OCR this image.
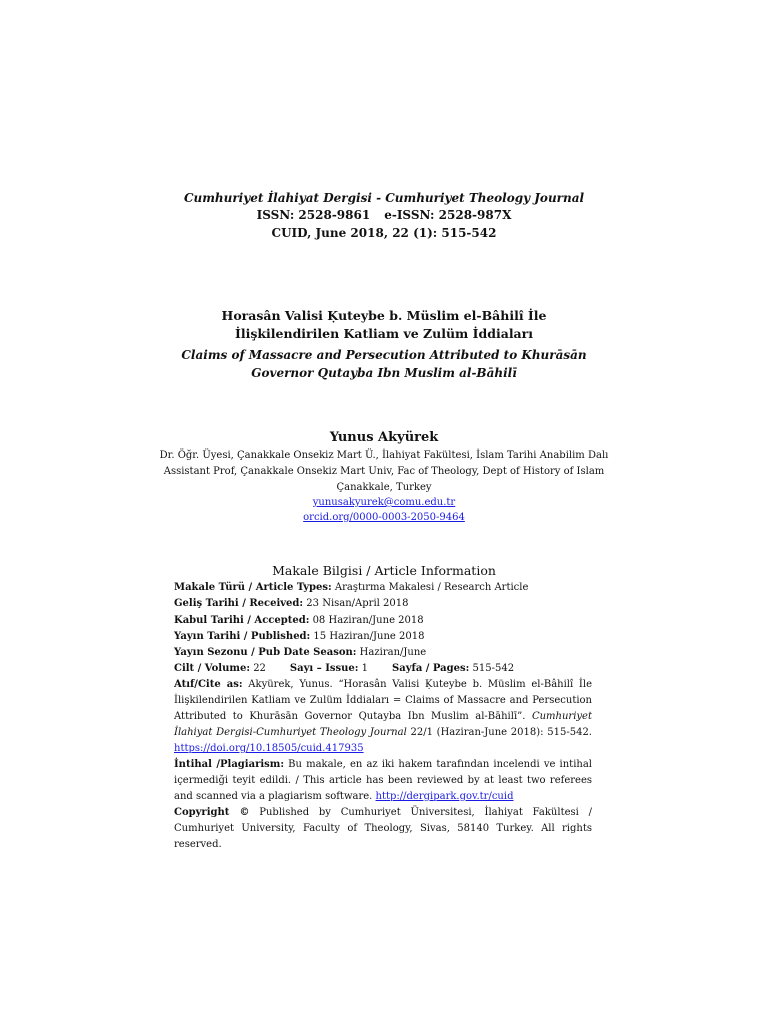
Cumhuriyet İlahiyat Dergisi - Cumhuriyet Theology Journal
ISSN: 2528-9861 e-ISSN: 2528-987X
CUID, June 2018, 22 (1): 515-542
Horasân Valisi Ḳuteybe b. Müslim el-Bâhilî İle İlişkilendirilen Katliam ve Zulüm İddiaları
Claims of Massacre and Persecution Attributed to Khurāsān Governor Qutayba Ibn Muslim al-Bāhilī
Yunus Akyürek
Dr. Öğr. Üyesi, Çanakkale Onsekiz Mart Ü., İlahiyat Fakültesi, İslam Tarihi Anabilim Dalı
Assistant Prof, Çanakkale Onsekiz Mart Univ, Fac of Theology, Dept of History of Islam
Çanakkale, Turkey
yunusakyurek@comu.edu.tr
orcid.org/0000-0003-2050-9464
Makale Bilgisi / Article Information
Makale Türü / Article Types: Araştırma Makalesi / Research Article
Geliş Tarihi / Received: 23 Nisan/April 2018
Kabul Tarihi / Accepted: 08 Haziran/June 2018
Yayın Tarihi / Published: 15 Haziran/June 2018
Yayın Sezonu / Pub Date Season: Haziran/June
Cilt / Volume: 22 Sayı – Issue: 1 Sayfa / Pages: 515-542
Atıf/Cite as: Akyürek, Yunus. “Horasân Valisi Ḳuteybe b. Müslim el-Bâhilî İle İlişkilendirilen Katliam ve Zulüm İddiaları = Claims of Massacre and Persecution Attributed to Khurāsān Governor Qutayba Ibn Muslim al-Bāhilī”. Cumhuriyet İlahiyat Dergisi-Cumhuriyet Theology Journal 22/1 (Haziran-June 2018): 515-542. https://doi.org/10.18505/cuid.417935
İntihal /Plagiarism: Bu makale, en az iki hakem tarafından incelendi ve intihal içermediği teyit edildi. / This article has been reviewed by at least two referees and scanned via a plagiarism software. http://dergipark.gov.tr/cuid
Copyright © Published by Cumhuriyet Üniversitesi, İlahiyat Fakültesi / Cumhuriyet University, Faculty of Theology, Sivas, 58140 Turkey. All rights reserved.
